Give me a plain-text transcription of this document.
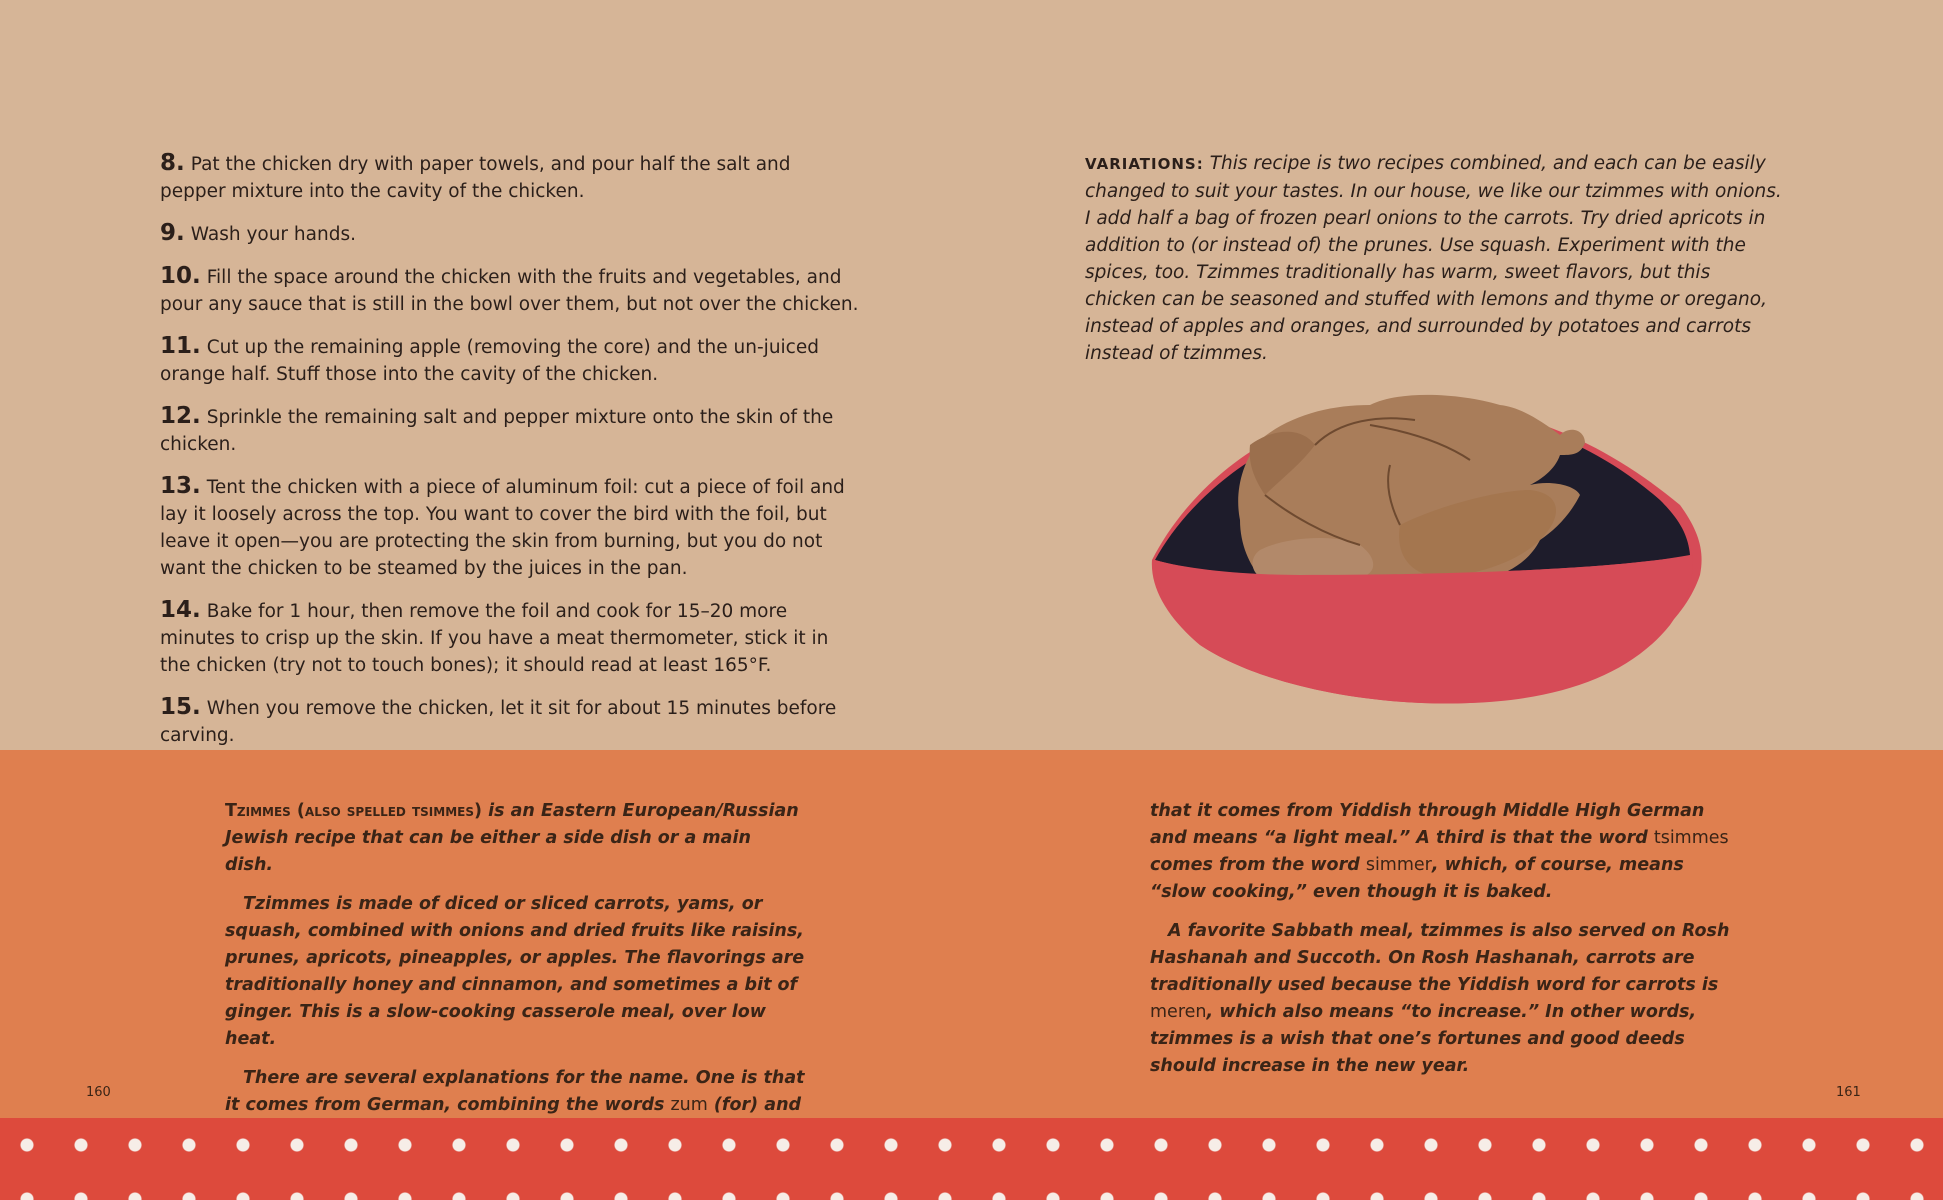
8. Pat the chicken dry with paper towels, and pour half the salt and pepper mixture into the cavity of the chicken.

9. Wash your hands.

10. Fill the space around the chicken with the fruits and vegetables, and pour any sauce that is still in the bowl over them, but not over the chicken.

11. Cut up the remaining apple (removing the core) and the un-juiced orange half. Stuff those into the cavity of the chicken.

12. Sprinkle the remaining salt and pepper mixture onto the skin of the chicken.

13. Tent the chicken with a piece of aluminum foil: cut a piece of foil and lay it loosely across the top. You want to cover the bird with the foil, but leave it open—you are protecting the skin from burning, but you do not want the chicken to be steamed by the juices in the pan.

14. Bake for 1 hour, then remove the foil and cook for 15–20 more minutes to crisp up the skin. If you have a meat thermometer, stick it in the chicken (try not to touch bones); it should read at least 165°F.

15. When you remove the chicken, let it sit for about 15 minutes before carving.

VARIATIONS: This recipe is two recipes combined, and each can be easily changed to suit your tastes. In our house, we like our tzimmes with onions. I add half a bag of frozen pearl onions to the carrots. Try dried apricots in addition to (or instead of) the prunes. Use squash. Experiment with the spices, too. Tzimmes traditionally has warm, sweet flavors, but this chicken can be seasoned and stuffed with lemons and thyme or oregano, instead of apples and oranges, and surrounded by potatoes and carrots instead of tzimmes.

Tzimmes (also spelled tsimmes) is an Eastern European/Russian Jewish recipe that can be either a side dish or a main dish.

Tzimmes is made of diced or sliced carrots, yams, or squash, combined with onions and dried fruits like raisins, prunes, apricots, pineapples, or apples. The flavorings are traditionally honey and cinnamon, and sometimes a bit of ginger. This is a slow-cooking casserole meal, over low heat.

There are several explanations for the name. One is that it comes from German, combining the words zum (for) and

that it comes from Yiddish through Middle High German and means “a light meal.” A third is that the word tsimmes comes from the word simmer, which, of course, means “slow cooking,” even though it is baked.

A favorite Sabbath meal, tzimmes is also served on Rosh Hashanah and Succoth. On Rosh Hashanah, carrots are traditionally used because the Yiddish word for carrots is meren, which also means “to increase.” In other words, tzimmes is a wish that one’s fortunes and good deeds should increase in the new year.

160	161
